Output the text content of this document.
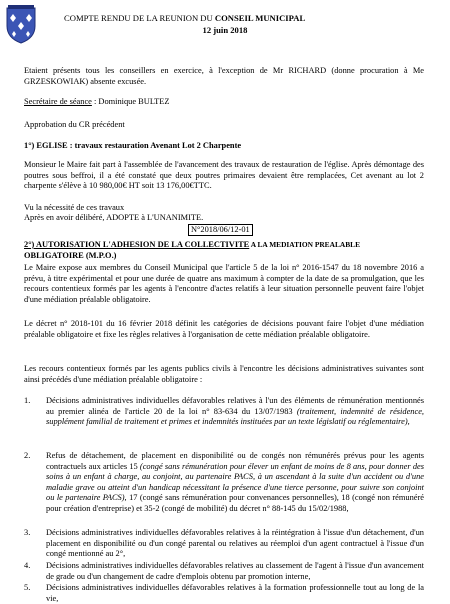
COMPTE RENDU DE LA REUNION DU CONSEIL MUNICIPAL
12 juin 2018
Etaient présents tous les conseillers en exercice, à l'exception de Mr RICHARD (donne procuration à Me GRZESKOWIAK) absente excusée.
Secrétaire de séance : Dominique BULTEZ
Approbation du CR précédent
1°) EGLISE : travaux restauration Avenant Lot 2 Charpente
Monsieur le Maire fait part à l'assemblée de l'avancement des travaux de restauration de l'église. Après démontage des poutres sous beffroi, il a été constaté que deux poutres primaires devaient être remplacées, Cet avenant au lot 2 charpente s'élève à 10 980,00€ HT soit 13 176,00€TTC.
Vu la nécessité de ces travaux
Après en avoir délibéré, ADOPTE à L'UNANIMITE.
N°2018/06/12-01
2°) AUTORISATION L'ADHESION DE LA COLLECTIVITE A LA MEDIATION PREALABLE
OBLIGATOIRE (M.P.O.)
Le Maire expose aux membres du Conseil Municipal que l'article 5 de la loi n° 2016-1547 du 18 novembre 2016 a prévu, à titre expérimental et pour une durée de quatre ans maximum à compter de la date de sa promulgation, que les recours contentieux formés par les agents à l'encontre d'actes relatifs à leur situation personnelle peuvent faire l'objet d'une médiation préalable obligatoire.
Le décret n° 2018-101 du 16 février 2018 définit les catégories de décisions pouvant faire l'objet d'une médiation préalable obligatoire et fixe les règles relatives à l'organisation de cette médiation préalable obligatoire.
Les recours contentieux formés par les agents publics civils à l'encontre les décisions administratives suivantes sont ainsi précédés d'une médiation préalable obligatoire :
1. Décisions administratives individuelles défavorables relatives à l'un des éléments de rémunération mentionnés au premier alinéa de l'article 20 de la loi n° 83-634 du 13/07/1983 (traitement, indemnité de résidence, supplément familial de traitement et primes et indemnités instituées par un texte législatif ou réglementaire),
2. Refus de détachement, de placement en disponibilité ou de congés non rémunérés prévus pour les agents contractuels aux articles 15 (congé sans rémunération pour élever un enfant de moins de 8 ans, pour donner des soins à un enfant à charge, au conjoint, au partenaire PACS, à un ascendant à la suite d'un accident ou d'une maladie grave ou atteint d'un handicap nécessitant la présence d'une tierce personne, pour suivre son conjoint ou le partenaire PACS), 17 (congé sans rémunération pour convenances personnelles), 18 (congé non rémunéré pour création d'entreprise) et 35-2 (congé de mobilité) du décret n° 88-145 du 15/02/1988,
3. Décisions administratives individuelles défavorables relatives à la réintégration à l'issue d'un détachement, d'un placement en disponibilité ou d'un congé parental ou relatives au réemploi d'un agent contractuel à l'issue d'un congé mentionné au 2°,
4. Décisions administratives individuelles défavorables relatives au classement de l'agent à l'issue d'un avancement de grade ou d'un changement de cadre d'emplois obtenu par promotion interne,
5. Décisions administratives individuelles défavorables relatives à la formation professionnelle tout au long de la vie,
